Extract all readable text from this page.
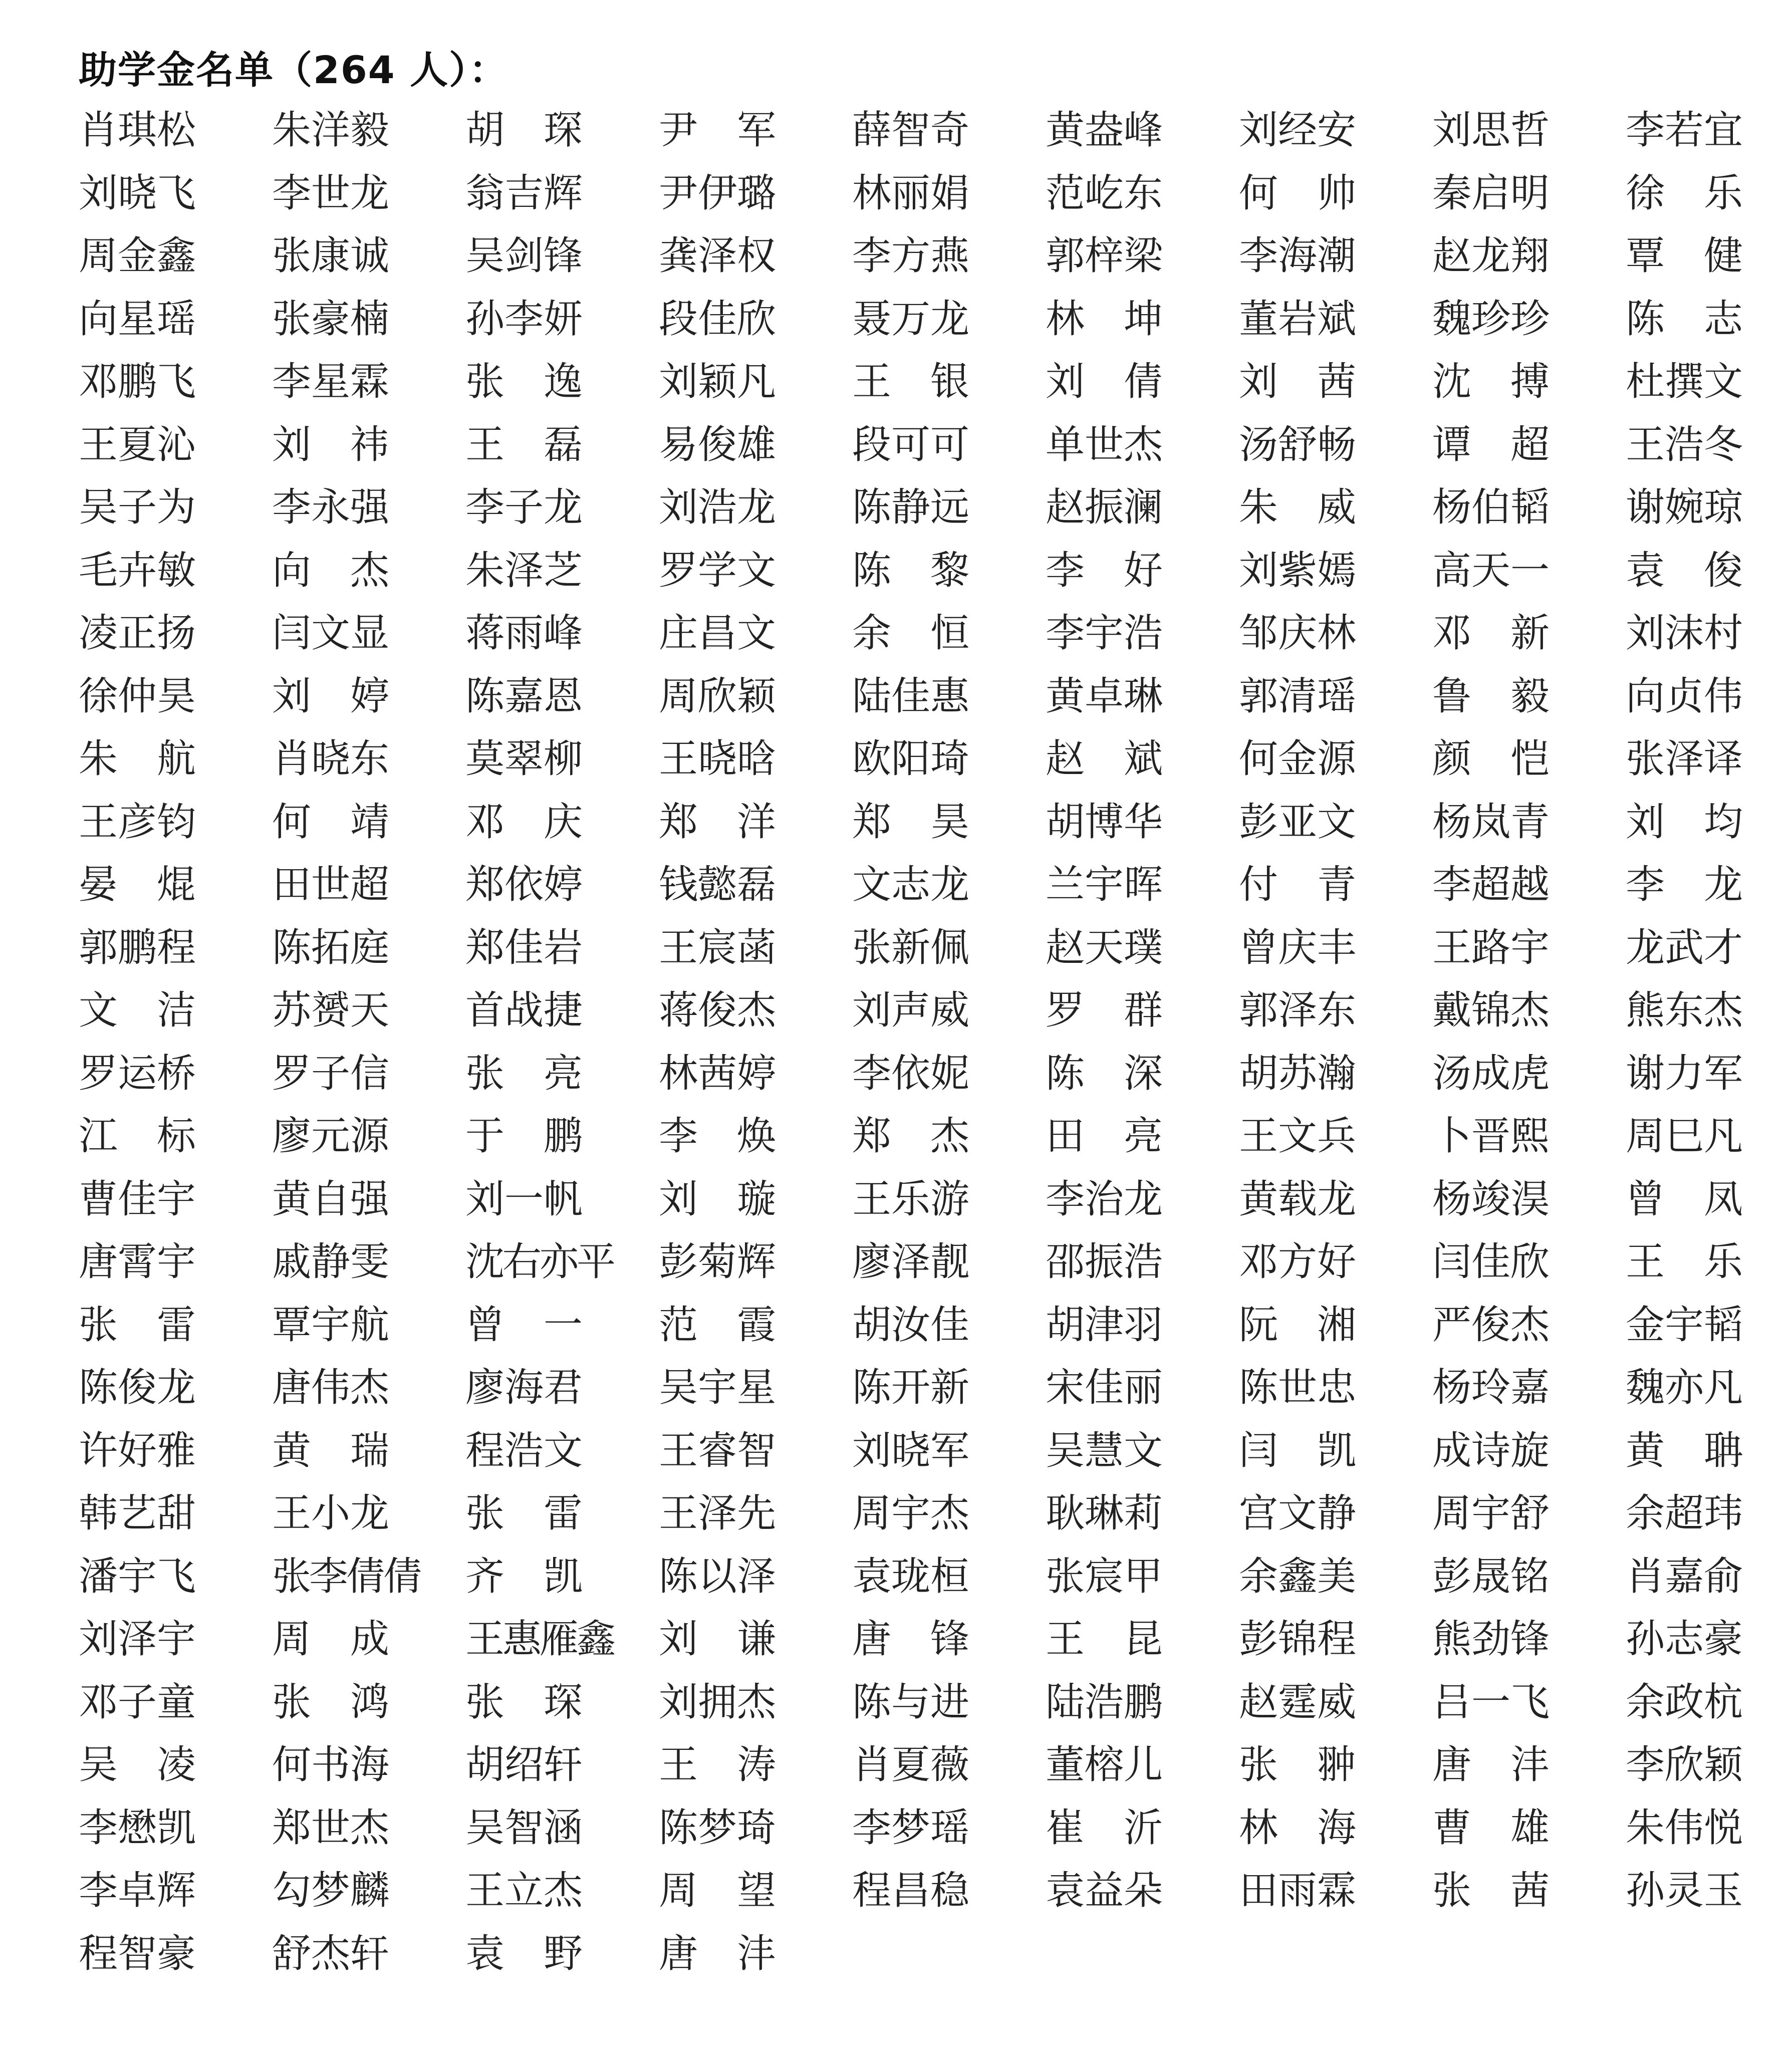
助学金名单（264 人）：
肖琪松	朱洋毅	胡　琛	尹　军	薛智奇	黄盎峰	刘经安	刘思哲	李若宜
刘晓飞	李世龙	翁吉辉	尹伊璐	林丽娟	范屹东	何　帅	秦启明	徐　乐
周金鑫	张康诚	吴剑锋	龚泽权	李方燕	郭梓梁	李海潮	赵龙翔	覃　健
向星瑶	张豪楠	孙李妍	段佳欣	聂万龙	林　坤	董岩斌	魏珍珍	陈　志
邓鹏飞	李星霖	张　逸	刘颖凡	王　银	刘　倩	刘　茜	沈　搏	杜撰文
王夏沁	刘　祎	王　磊	易俊雄	段可可	单世杰	汤舒畅	谭　超	王浩冬
吴子为	李永强	李子龙	刘浩龙	陈静远	赵振澜	朱　威	杨伯韬	谢婉琼
毛卉敏	向　杰	朱泽芝	罗学文	陈　黎	李　好	刘紫嫣	高天一	袁　俊
凌正扬	闫文显	蒋雨峰	庄昌文	余　恒	李宇浩	邹庆林	邓　新	刘沫村
徐仲昊	刘　婷	陈嘉恩	周欣颖	陆佳惠	黄卓琳	郭清瑶	鲁　毅	向贞伟
朱　航	肖晓东	莫翠柳	王晓晗	欧阳琦	赵　斌	何金源	颜　恺	张泽译
王彦钧	何　靖	邓　庆	郑　洋	郑　昊	胡博华	彭亚文	杨岚青	刘　均
晏　焜	田世超	郑依婷	钱懿磊	文志龙	兰宇晖	付　青	李超越	李　龙
郭鹏程	陈拓庭	郑佳岩	王宸菡	张新佩	赵天璞	曾庆丰	王路宇	龙武才
文　洁	苏赟天	首战捷	蒋俊杰	刘声威	罗　群	郭泽东	戴锦杰	熊东杰
罗运桥	罗子信	张　亮	林茜婷	李依妮	陈　深	胡苏瀚	汤成虎	谢力军
江　标	廖元源	于　鹏	李　焕	郑　杰	田　亮	王文兵	卜晋熙	周巳凡
曹佳宇	黄自强	刘一帆	刘　璇	王乐游	李治龙	黄载龙	杨竣淏	曾　凤
唐霄宇	戚静雯	沈右亦平	彭菊辉	廖泽靓	邵振浩	邓方好	闫佳欣	王　乐
张　雷	覃宇航	曾　一	范　霞	胡汝佳	胡津羽	阮　湘	严俊杰	金宇韬
陈俊龙	唐伟杰	廖海君	吴宇星	陈开新	宋佳丽	陈世忠	杨玲嘉	魏亦凡
许好雅	黄　瑞	程浩文	王睿智	刘晓军	吴慧文	闫　凯	成诗旋	黄　聃
韩艺甜	王小龙	张　雷	王泽先	周宇杰	耿琳莉	宫文静	周宇舒	余超玮
潘宇飞	张李倩倩	齐　凯	陈以泽	袁珑桓	张宸甲	余鑫美	彭晟铭	肖嘉俞
刘泽宇	周　成	王惠雁鑫	刘　谦	唐　锋	王　昆	彭锦程	熊劲锋	孙志豪
邓子童	张　鸿	张　琛	刘拥杰	陈与进	陆浩鹏	赵霆威	吕一飞	余政杭
吴　凌	何书海	胡绍轩	王　涛	肖夏薇	董榕儿	张　翀	唐　沣	李欣颖
李懋凯	郑世杰	吴智涵	陈梦琦	李梦瑶	崔　沂	林　海	曹　雄	朱伟悦
李卓辉	勾梦麟	王立杰	周　望	程昌稳	袁益朵	田雨霖	张　茜	孙灵玉
程智豪	舒杰轩	袁　野	唐　沣
